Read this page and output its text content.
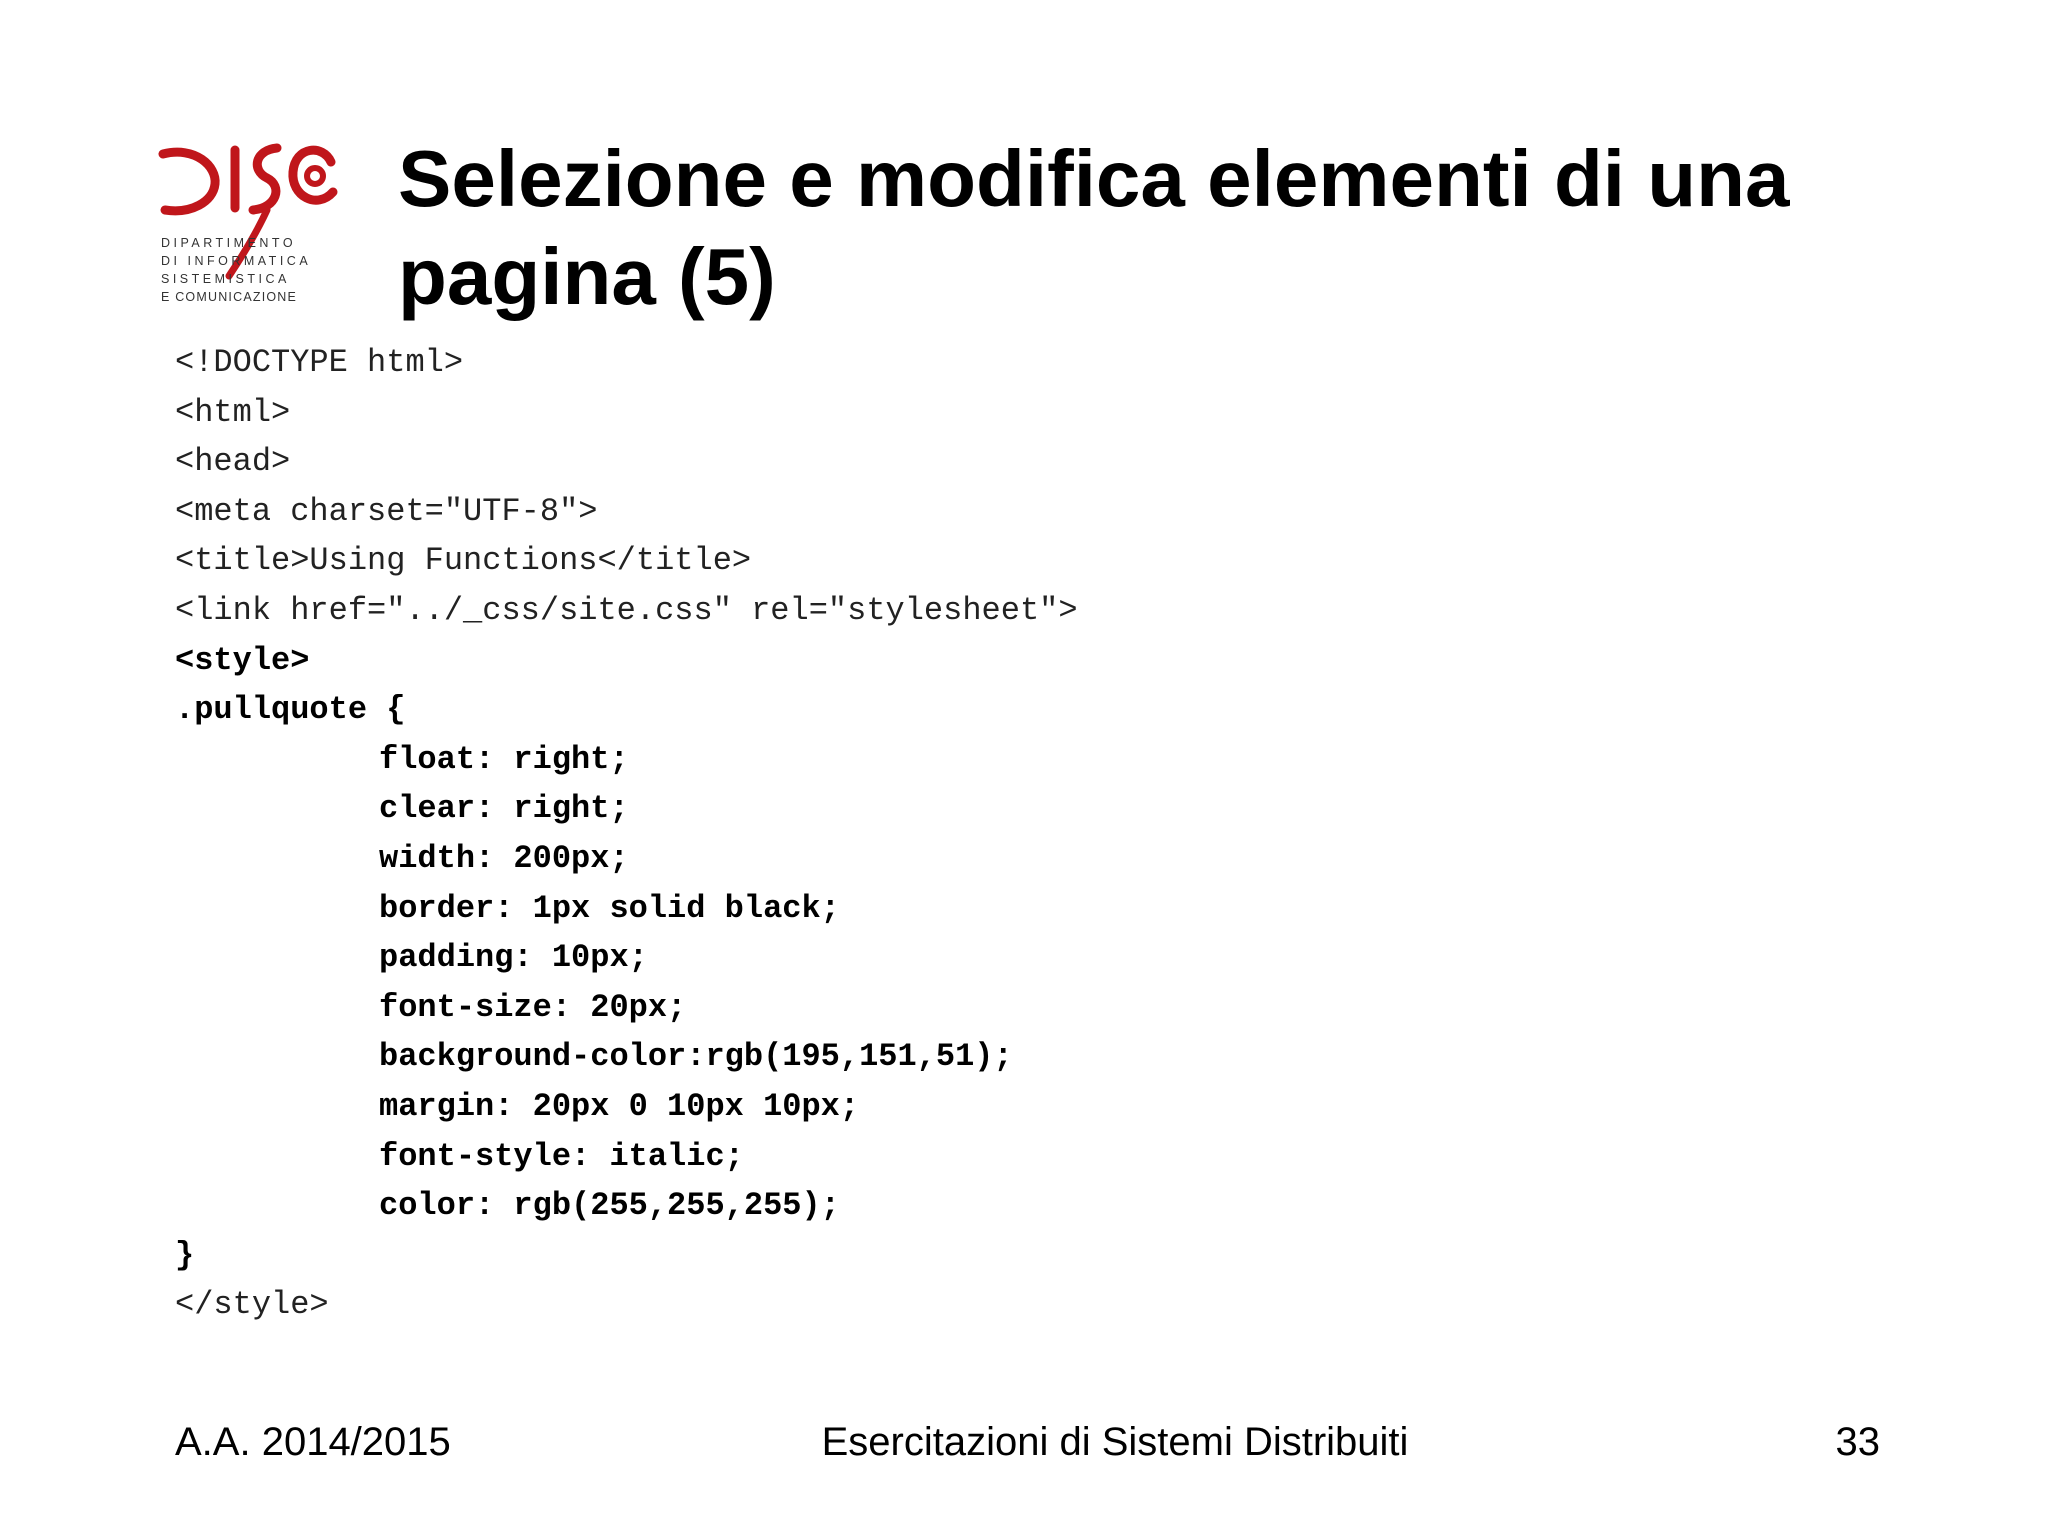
DIPARTIMENTO
DI INFORMATICA
SISTEMISTICA
E COMUNICAZIONE
Selezione e modifica elementi di una pagina (5)
<!DOCTYPE html>
<html>
<head>
<meta charset="UTF-8">
<title>Using Functions</title>
<link href="../_css/site.css" rel="stylesheet">
<style>
.pullquote {
float: right;
clear: right;
width: 200px;
border: 1px solid black;
padding: 10px;
font-size: 20px;
background-color:rgb(195,151,51);
margin: 20px 0 10px 10px;
font-style: italic;
color: rgb(255,255,255);
}
</style>
A.A. 2014/2015	Esercitazioni di Sistemi Distribuiti	33
